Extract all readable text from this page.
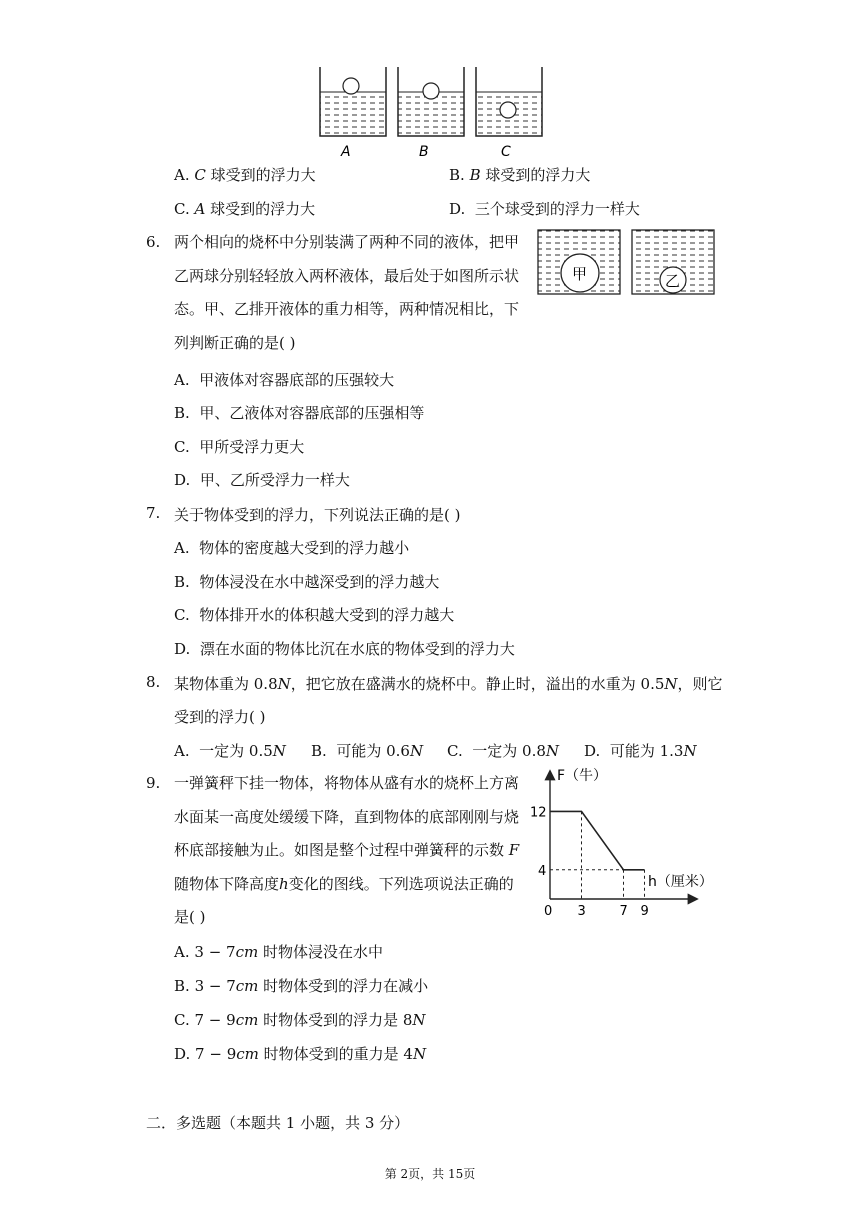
A	B	C
A. C 球受到的浮力大	B. B 球受到的浮力大
C. A 球受到的浮力大	D. 三个球受到的浮力一样大
6. 两个相向的烧杯中分别装满了两种不同的液体，把甲
乙两球分别轻轻放入两杯液体，最后处于如图所示状
态。甲、乙排开液体的重力相等，两种情况相比，下
列判断正确的是( )
甲	乙
A. 甲液体对容器底部的压强较大
B. 甲、乙液体对容器底部的压强相等
C. 甲所受浮力更大
D. 甲、乙所受浮力一样大
7. 关于物体受到的浮力，下列说法正确的是( )
A. 物体的密度越大受到的浮力越小
B. 物体浸没在水中越深受到的浮力越大
C. 物体排开水的体积越大受到的浮力越大
D. 漂在水面的物体比沉在水底的物体受到的浮力大
8. 某物体重为 0.8N，把它放在盛满水的烧杯中。静止时，溢出的水重为 0.5N，则它
受到的浮力( )
A. 一定为 0.5N B. 可能为 0.6N C. 一定为 0.8N D. 可能为 1.3N
9. 一弹簧秤下挂一物体，将物体从盛有水的烧杯上方离
水面某一高度处缓缓下降，直到物体的底部刚刚与烧
杯底部接触为止。如图是整个过程中弹簧秤的示数 F
随物体下降高度h变化的图线。下列选项说法正确的
是( )
F（牛）
h（厘米）
0 3	7 9
4
12
A. 3 − 7cm 时物体浸没在水中
B. 3 − 7cm 时物体受到的浮力在减小
C. 7 − 9cm 时物体受到的浮力是 8N
D. 7 − 9cm 时物体受到的重力是 4N
二．多选题（本题共 1 小题，共 3 分）
第 2页，共 15页
